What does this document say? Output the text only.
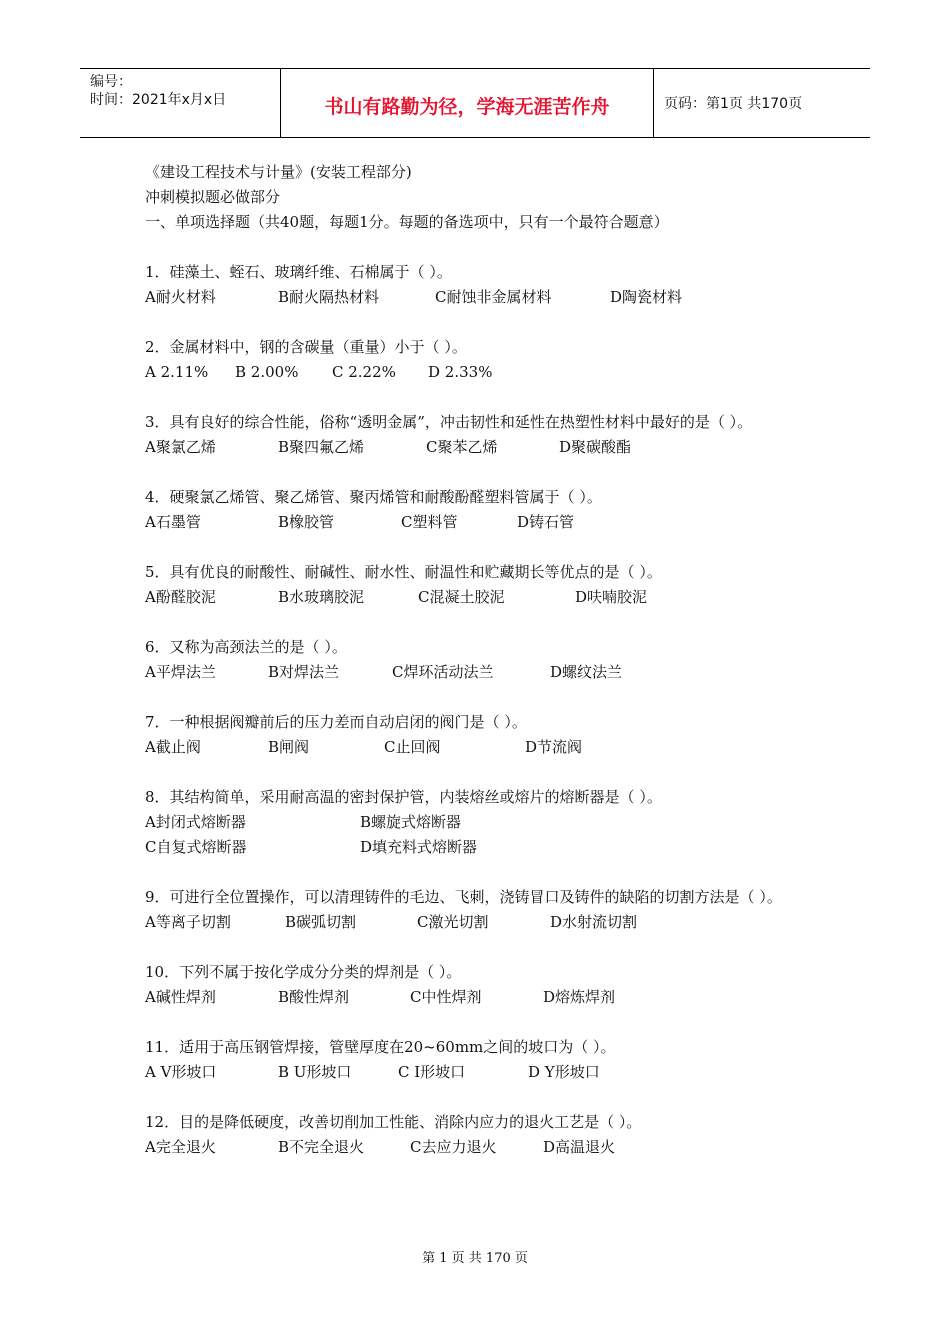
编号：
时间：2021年x月x日	书山有路勤为径，学海无涯苦作舟	页码：第1页 共170页
《建设工程技术与计量》(安装工程部分)
冲刺模拟题必做部分
一、单项选择题（共40题，每题1分。每题的备选项中，只有一个最符合题意）
1．硅藻土、蛭石、玻璃纤维、石棉属于（ ）。
A耐火材料	B耐火隔热材料	C耐蚀非金属材料	D陶瓷材料
2．金属材料中，钢的含碳量（重量）小于（ ）。
A 2.11%	B 2.00%	C 2.22%	D 2.33%
3．具有良好的综合性能，俗称“透明金属”，冲击韧性和延性在热塑性材料中最好的是（ ）。
A聚氯乙烯	B聚四氟乙烯	C聚苯乙烯	D聚碳酸酯
4．硬聚氯乙烯管、聚乙烯管、聚丙烯管和耐酸酚醛塑料管属于（ ）。
A石墨管	B橡胶管	C塑料管	D铸石管
5．具有优良的耐酸性、耐碱性、耐水性、耐温性和贮藏期长等优点的是（ ）。
A酚醛胶泥	B水玻璃胶泥	C混凝土胶泥	D呋喃胶泥
6．又称为高颈法兰的是（ ）。
A平焊法兰	B对焊法兰	C焊环活动法兰	D螺纹法兰
7．一种根据阀瓣前后的压力差而自动启闭的阀门是（ ）。
A截止阀	B闸阀	C止回阀	D节流阀
8．其结构简单，采用耐高温的密封保护管，内装熔丝或熔片的熔断器是（ ）。
A封闭式熔断器	B螺旋式熔断器
C自复式熔断器	D填充料式熔断器
9．可进行全位置操作，可以清理铸件的毛边、飞刺，浇铸冒口及铸件的缺陷的切割方法是（ ）。
A等离子切割	B碳弧切割	C激光切割	D水射流切割
10．下列不属于按化学成分分类的焊剂是（ ）。
A碱性焊剂	B酸性焊剂	C中性焊剂	D熔炼焊剂
11．适用于高压钢管焊接，管壁厚度在20~60mm之间的坡口为（ ）。
A V形坡口	B U形坡口	C I形坡口	D Y形坡口
12．目的是降低硬度，改善切削加工性能、消除内应力的退火工艺是（ ）。
A完全退火	B不完全退火	C去应力退火	D高温退火
第 1 页 共 170 页
